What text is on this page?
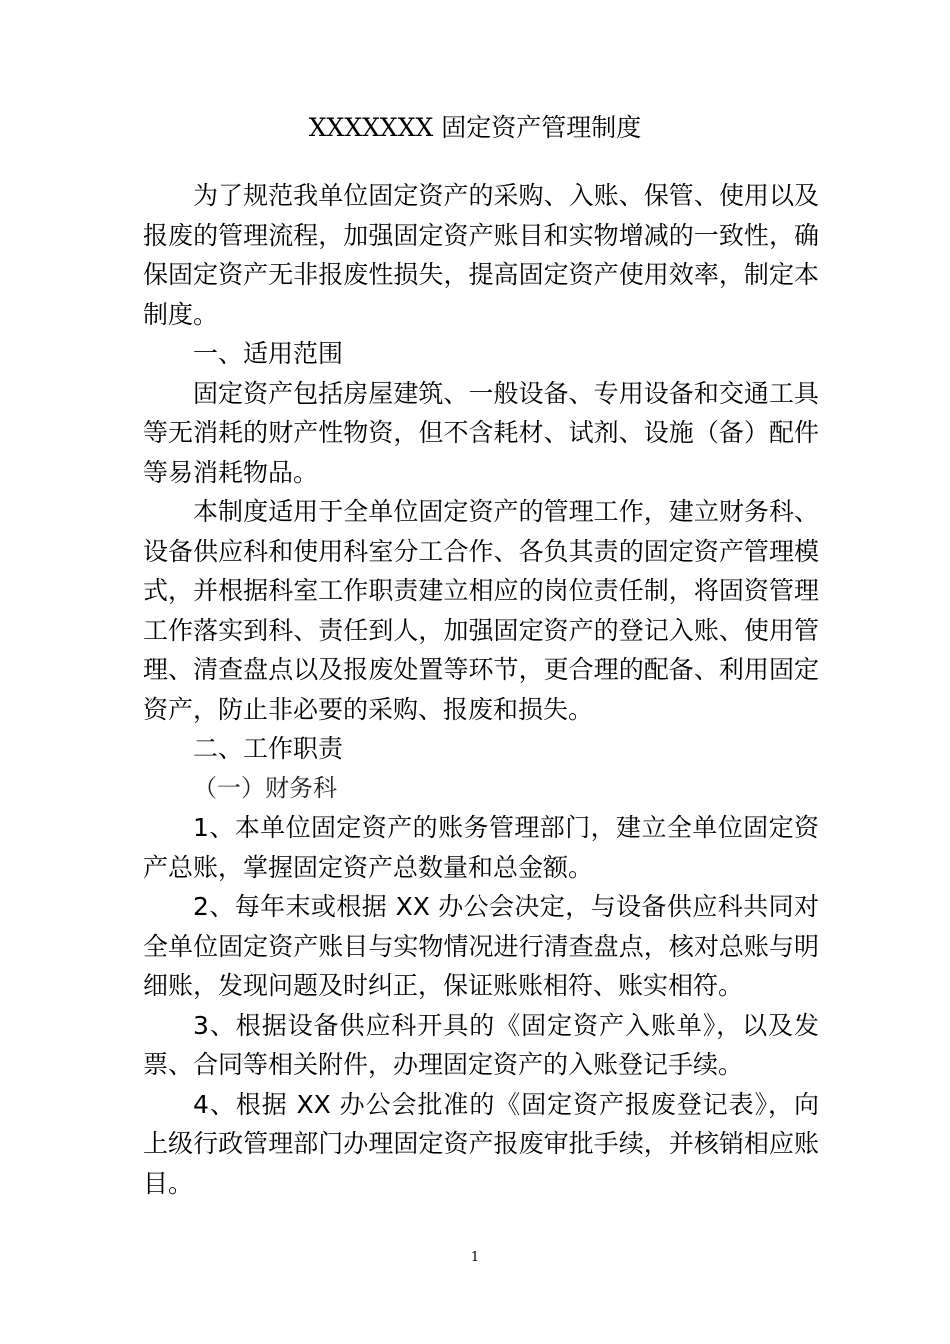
XXXXXXX 固定资产管理制度

为了规范我单位固定资产的采购、入账、保管、使用以及报废的管理流程，加强固定资产账目和实物增减的一致性，确保固定资产无非报废性损失，提高固定资产使用效率，制定本制度。

一、适用范围

固定资产包括房屋建筑、一般设备、专用设备和交通工具等无消耗的财产性物资，但不含耗材、试剂、设施（备）配件等易消耗物品。

本制度适用于全单位固定资产的管理工作，建立财务科、设备供应科和使用科室分工合作、各负其责的固定资产管理模式，并根据科室工作职责建立相应的岗位责任制，将固资管理工作落实到科、责任到人，加强固定资产的登记入账、使用管理、清查盘点以及报废处置等环节，更合理的配备、利用固定资产，防止非必要的采购、报废和损失。

二、工作职责

（一）财务科

1、本单位固定资产的账务管理部门，建立全单位固定资产总账，掌握固定资产总数量和总金额。

2、每年末或根据 XX 办公会决定，与设备供应科共同对全单位固定资产账目与实物情况进行清查盘点，核对总账与明细账，发现问题及时纠正，保证账账相符、账实相符。

3、根据设备供应科开具的《固定资产入账单》，以及发票、合同等相关附件，办理固定资产的入账登记手续。

4、根据 XX 办公会批准的《固定资产报废登记表》，向上级行政管理部门办理固定资产报废审批手续，并核销相应账目。

1
